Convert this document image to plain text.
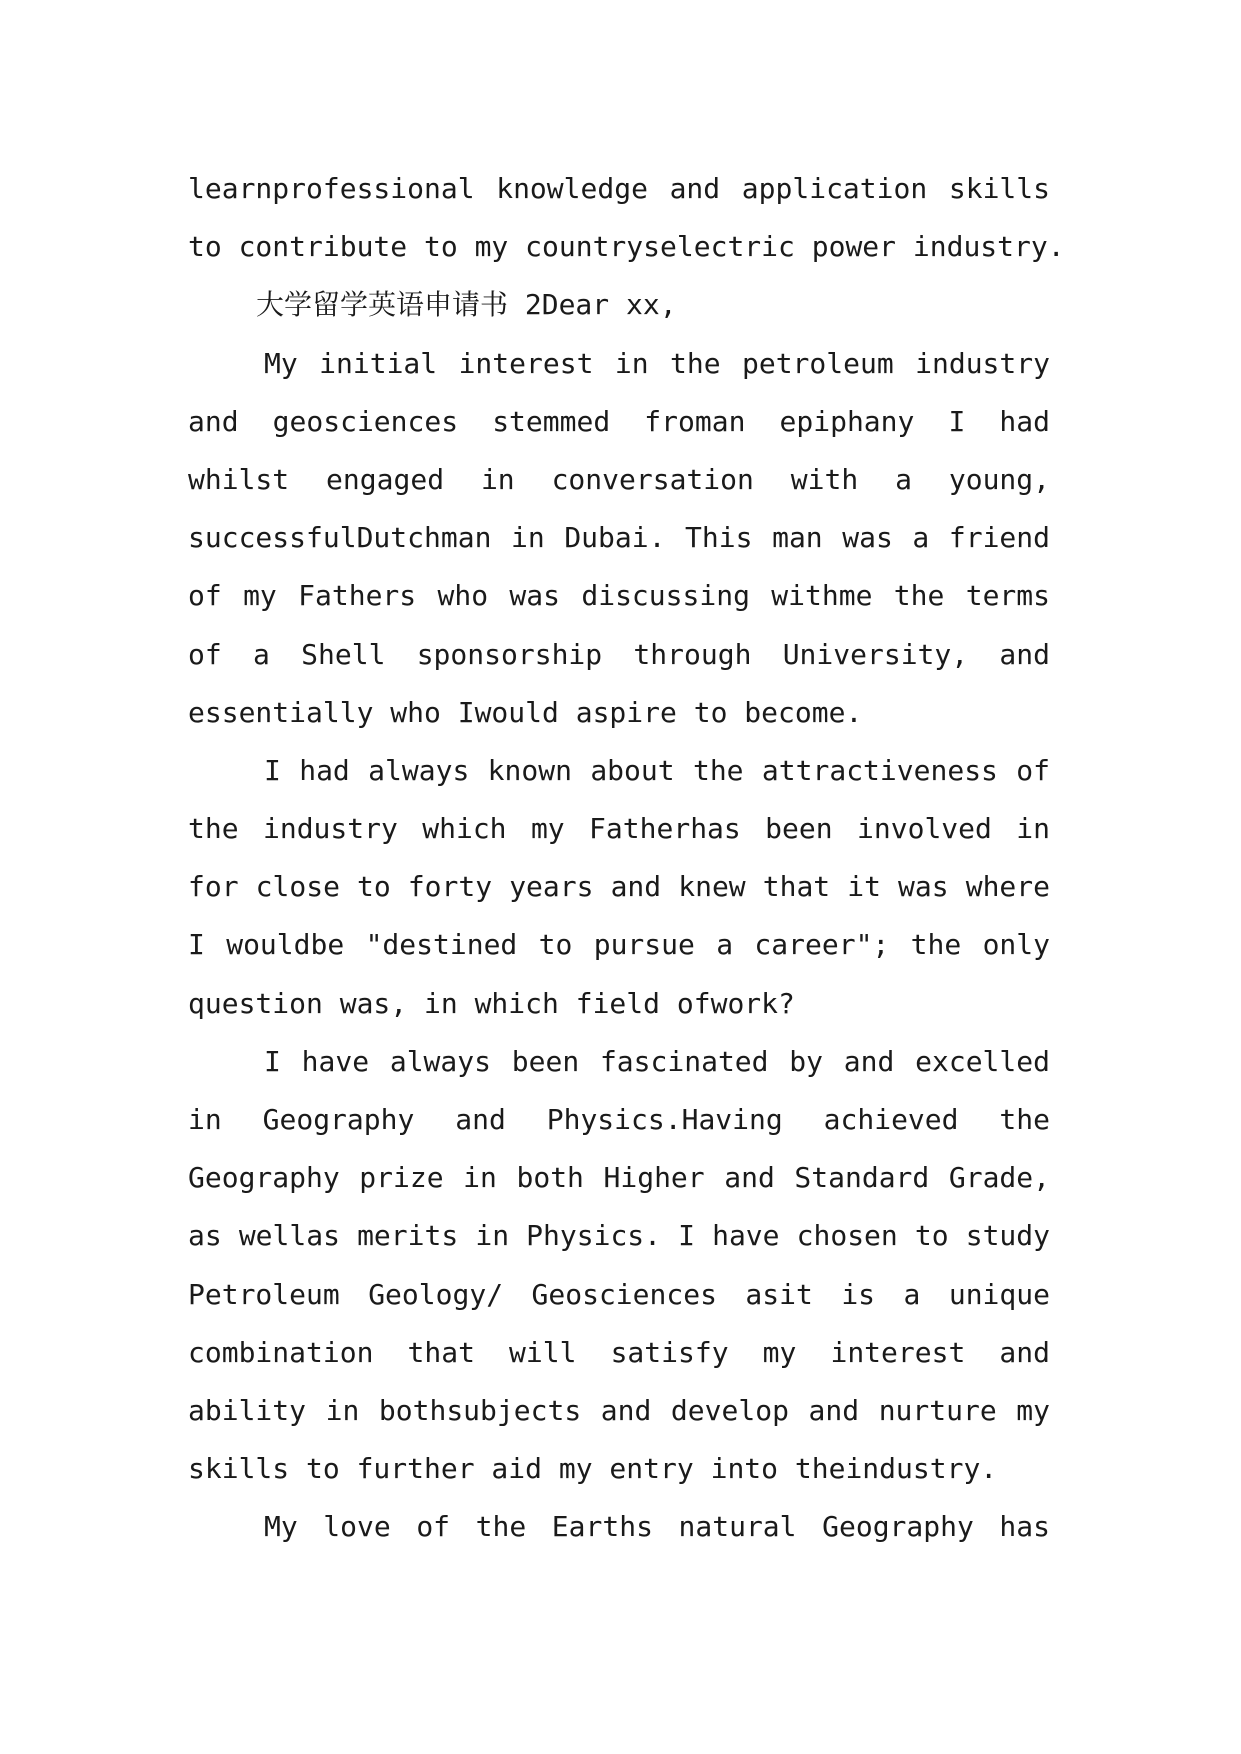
learnprofessional knowledge and application skills
to contribute to my countryselectric power industry.
大学留学英语申请书 2Dear xx,
My initial interest in the petroleum industry
and geosciences stemmed froman epiphany I had
whilst engaged in conversation with a young,
successfulDutchman in Dubai. This man was a friend
of my Fathers who was discussing withme the terms
of a Shell sponsorship through University, and
essentially who Iwould aspire to become.
I had always known about the attractiveness of
the industry which my Fatherhas been involved in
for close to forty years and knew that it was where
I wouldbe "destined to pursue a career"; the only
question was, in which field ofwork?
I have always been fascinated by and excelled
in Geography and Physics.Having achieved the
Geography prize in both Higher and Standard Grade,
as wellas merits in Physics. I have chosen to study
Petroleum Geology/ Geosciences asit is a unique
combination that will satisfy my interest and
ability in bothsubjects and develop and nurture my
skills to further aid my entry into theindustry.
My love of the Earths natural Geography has
